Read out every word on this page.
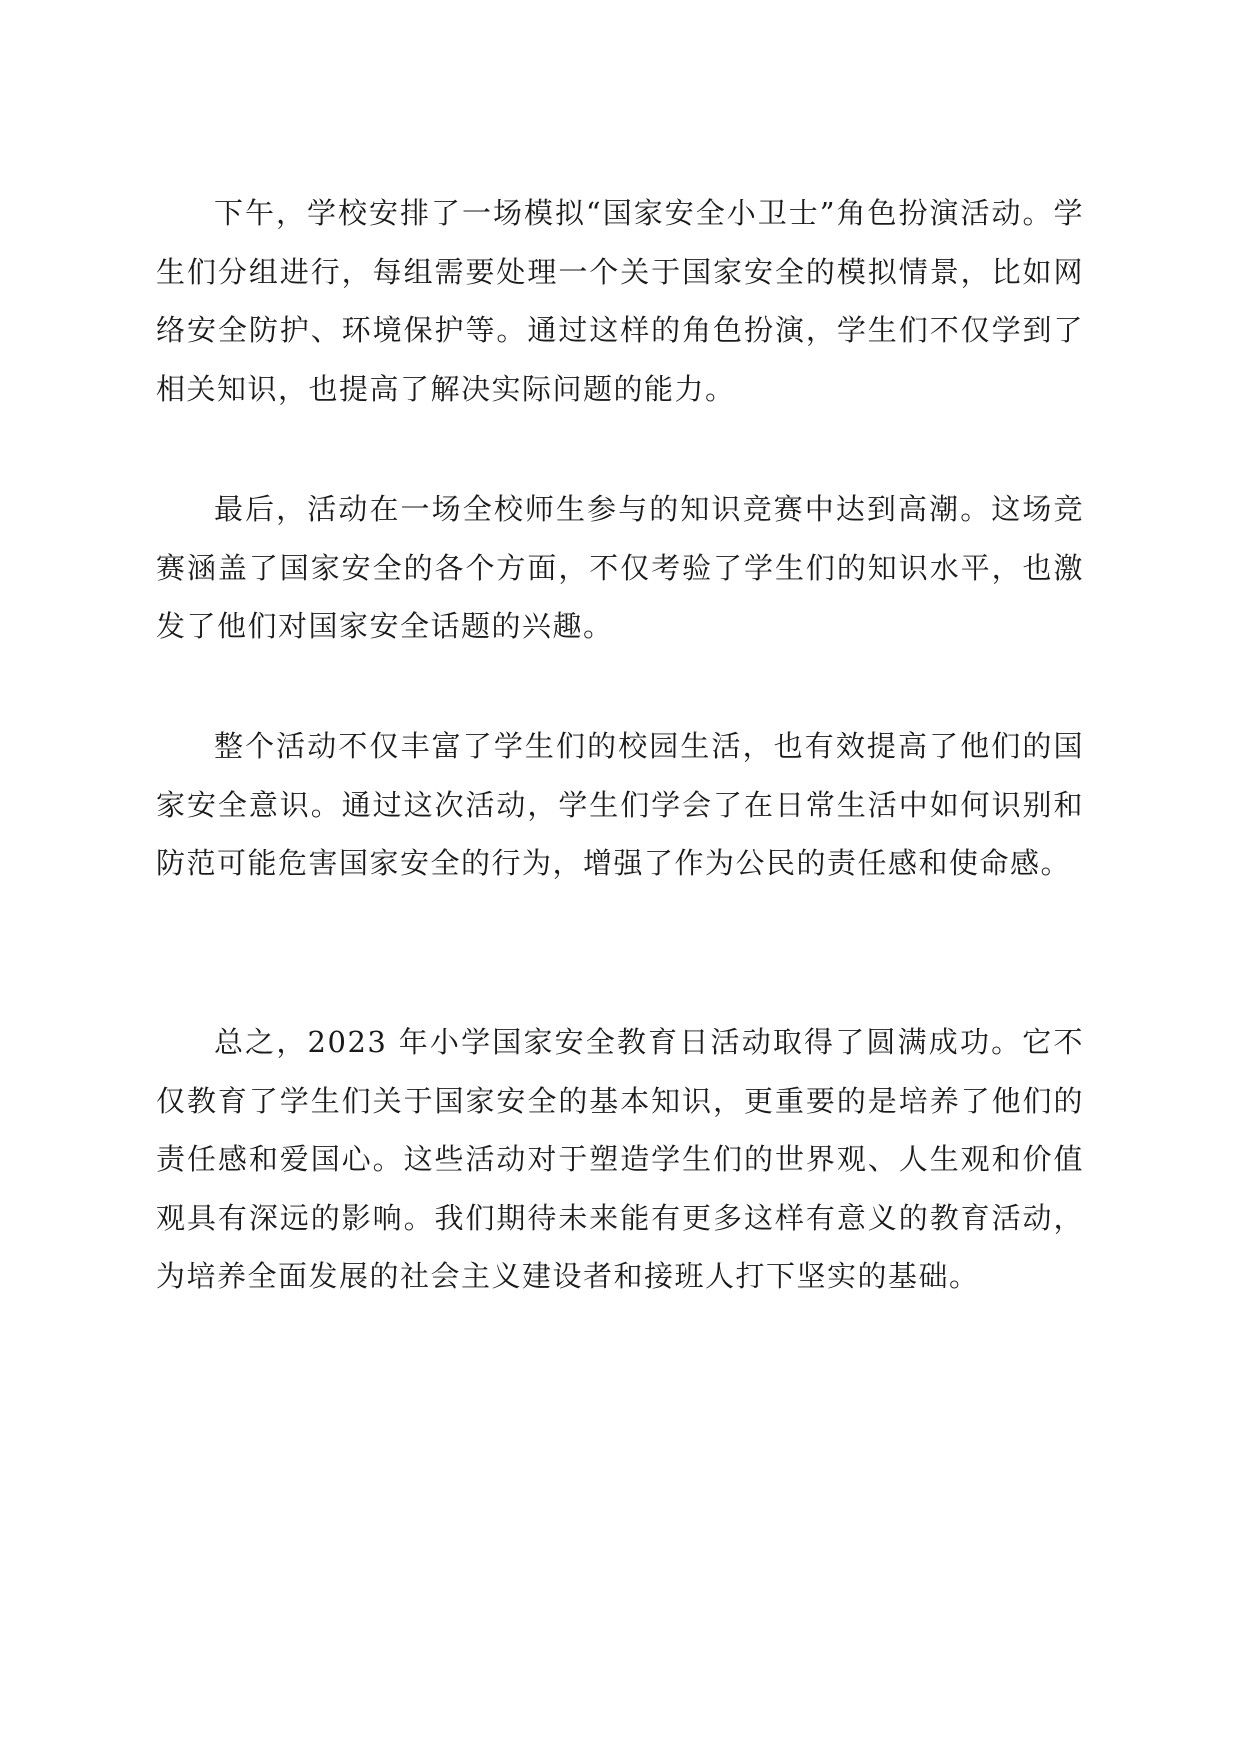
下午，学校安排了一场模拟“国家安全小卫士”角色扮演活动。学生们分组进行，每组需要处理一个关于国家安全的模拟情景，比如网络安全防护、环境保护等。通过这样的角色扮演，学生们不仅学到了相关知识，也提高了解决实际问题的能力。

最后，活动在一场全校师生参与的知识竞赛中达到高潮。这场竞赛涵盖了国家安全的各个方面，不仅考验了学生们的知识水平，也激发了他们对国家安全话题的兴趣。

整个活动不仅丰富了学生们的校园生活，也有效提高了他们的国家安全意识。通过这次活动，学生们学会了在日常生活中如何识别和防范可能危害国家安全的行为，增强了作为公民的责任感和使命感。

总之，2023 年小学国家安全教育日活动取得了圆满成功。它不仅教育了学生们关于国家安全的基本知识，更重要的是培养了他们的责任感和爱国心。这些活动对于塑造学生们的世界观、人生观和价值观具有深远的影响。我们期待未来能有更多这样有意义的教育活动，为培养全面发展的社会主义建设者和接班人打下坚实的基础。
